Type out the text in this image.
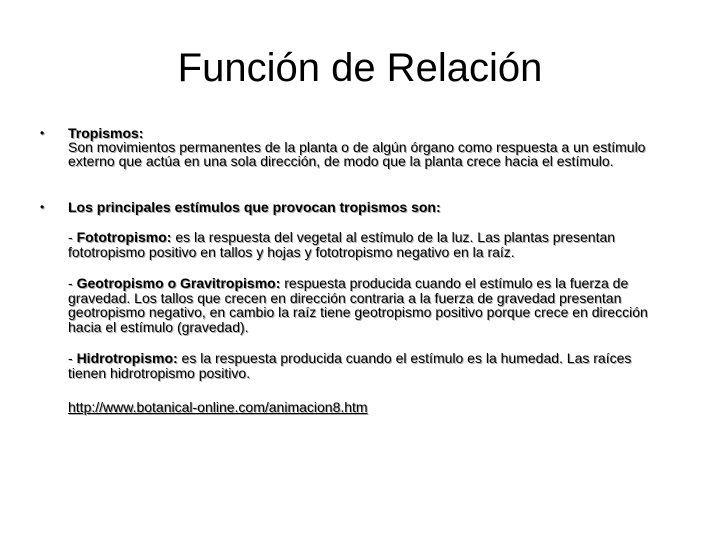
Función de Relación
• Tropismos:
Son movimientos permanentes de la planta o de algún órgano como respuesta a un estímulo externo que actúa en una sola dirección, de modo que la planta crece hacia el estímulo.
• Los principales estímulos que provocan tropismos son:
- Fototropismo: es la respuesta del vegetal al estímulo de la luz. Las plantas presentan fototropismo positivo en tallos y hojas y fototropismo negativo en la raíz.
- Geotropismo o Gravitropismo: respuesta producida cuando el estímulo es la fuerza de gravedad. Los tallos que crecen en dirección contraria a la fuerza de gravedad presentan geotropismo negativo, en cambio la raíz tiene geotropismo positivo porque crece en dirección hacia el estímulo (gravedad).
- Hidrotropismo: es la respuesta producida cuando el estímulo es la humedad. Las raíces tienen hidrotropismo positivo.
http://www.botanical-online.com/animacion8.htm
